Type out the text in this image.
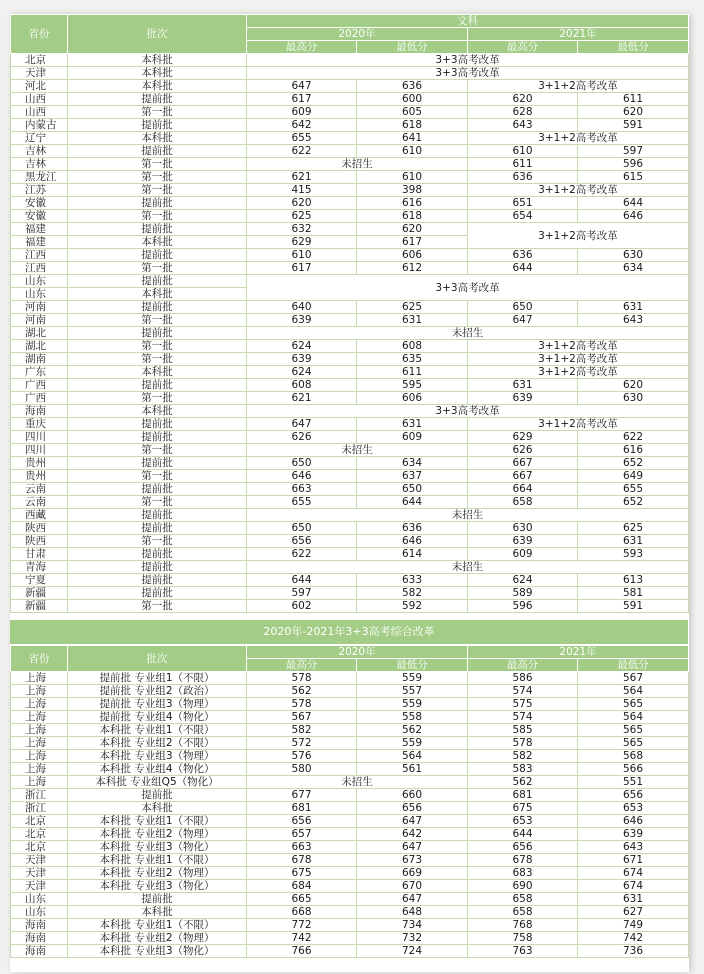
省份	批次	文科			
		2020年		2021年	
		最高分	最低分	最高分	最低分
北京	本科批	3+3高考改革			
天津	本科批	3+3高考改革			
河北	本科批	647	636	3+1+2高考改革	
山西	提前批	617	600	620	611
山西	第一批	609	605	628	620
内蒙古	提前批	642	618	643	591
辽宁	本科批	655	641	3+1+2高考改革	
吉林	提前批	622	610	610	597
吉林	第一批	未招生		611	596
黑龙江	第一批	621	610	636	615
江苏	第一批	415	398	3+1+2高考改革	
安徽	提前批	620	616	651	644
安徽	第一批	625	618	654	646
福建	提前批	632	620	3+1+2高考改革	
福建	本科批	629	617		
江西	提前批	610	606	636	630
江西	第一批	617	612	644	634
山东	提前批	3+3高考改革			
山东	本科批				
河南	提前批	640	625	650	631
河南	第一批	639	631	647	643
湖北	提前批	未招生			
湖北	第一批	624	608	3+1+2高考改革	
湖南	第一批	639	635	3+1+2高考改革	
广东	本科批	624	611	3+1+2高考改革	
广西	提前批	608	595	631	620
广西	第一批	621	606	639	630
海南	本科批	3+3高考改革			
重庆	提前批	647	631	3+1+2高考改革	
四川	提前批	626	609	629	622
四川	第一批	未招生		626	616
贵州	提前批	650	634	667	652
贵州	第一批	646	637	667	649
云南	提前批	663	650	664	655
云南	第一批	655	644	658	652
西藏	提前批	未招生			
陕西	提前批	650	636	630	625
陕西	第一批	656	646	639	631
甘肃	提前批	622	614	609	593
青海	提前批	未招生			
宁夏	提前批	644	633	624	613
新疆	提前批	597	582	589	581
新疆	第一批	602	592	596	591
2020年-2021年3+3高考综合改革
省份	批次	2020年		2021年	
		最高分	最低分	最高分	最低分
上海	提前批 专业组1（不限）	578	559	586	567
上海	提前批 专业组2（政治）	562	557	574	564
上海	提前批 专业组3（物理）	578	559	575	565
上海	提前批 专业组4（物化）	567	558	574	564
上海	本科批 专业组1（不限）	582	562	585	565
上海	本科批 专业组2（不限）	572	559	578	565
上海	本科批 专业组3（物理）	576	564	582	568
上海	本科批 专业组4（物化）	580	561	583	566
上海	本科批 专业组Q5（物化）	未招生		562	551
浙江	提前批	677	660	681	656
浙江	本科批	681	656	675	653
北京	本科批 专业组1（不限）	656	647	653	646
北京	本科批 专业组2（物理）	657	642	644	639
北京	本科批 专业组3（物化）	663	647	656	643
天津	本科批 专业组1（不限）	678	673	678	671
天津	本科批 专业组2（物理）	675	669	683	674
天津	本科批 专业组3（物化）	684	670	690	674
山东	提前批	665	647	658	631
山东	本科批	668	648	658	627
海南	本科批 专业组1（不限）	772	734	768	749
海南	本科批 专业组2（物理）	742	732	758	742
海南	本科批 专业组3（物化）	766	724	763	736
